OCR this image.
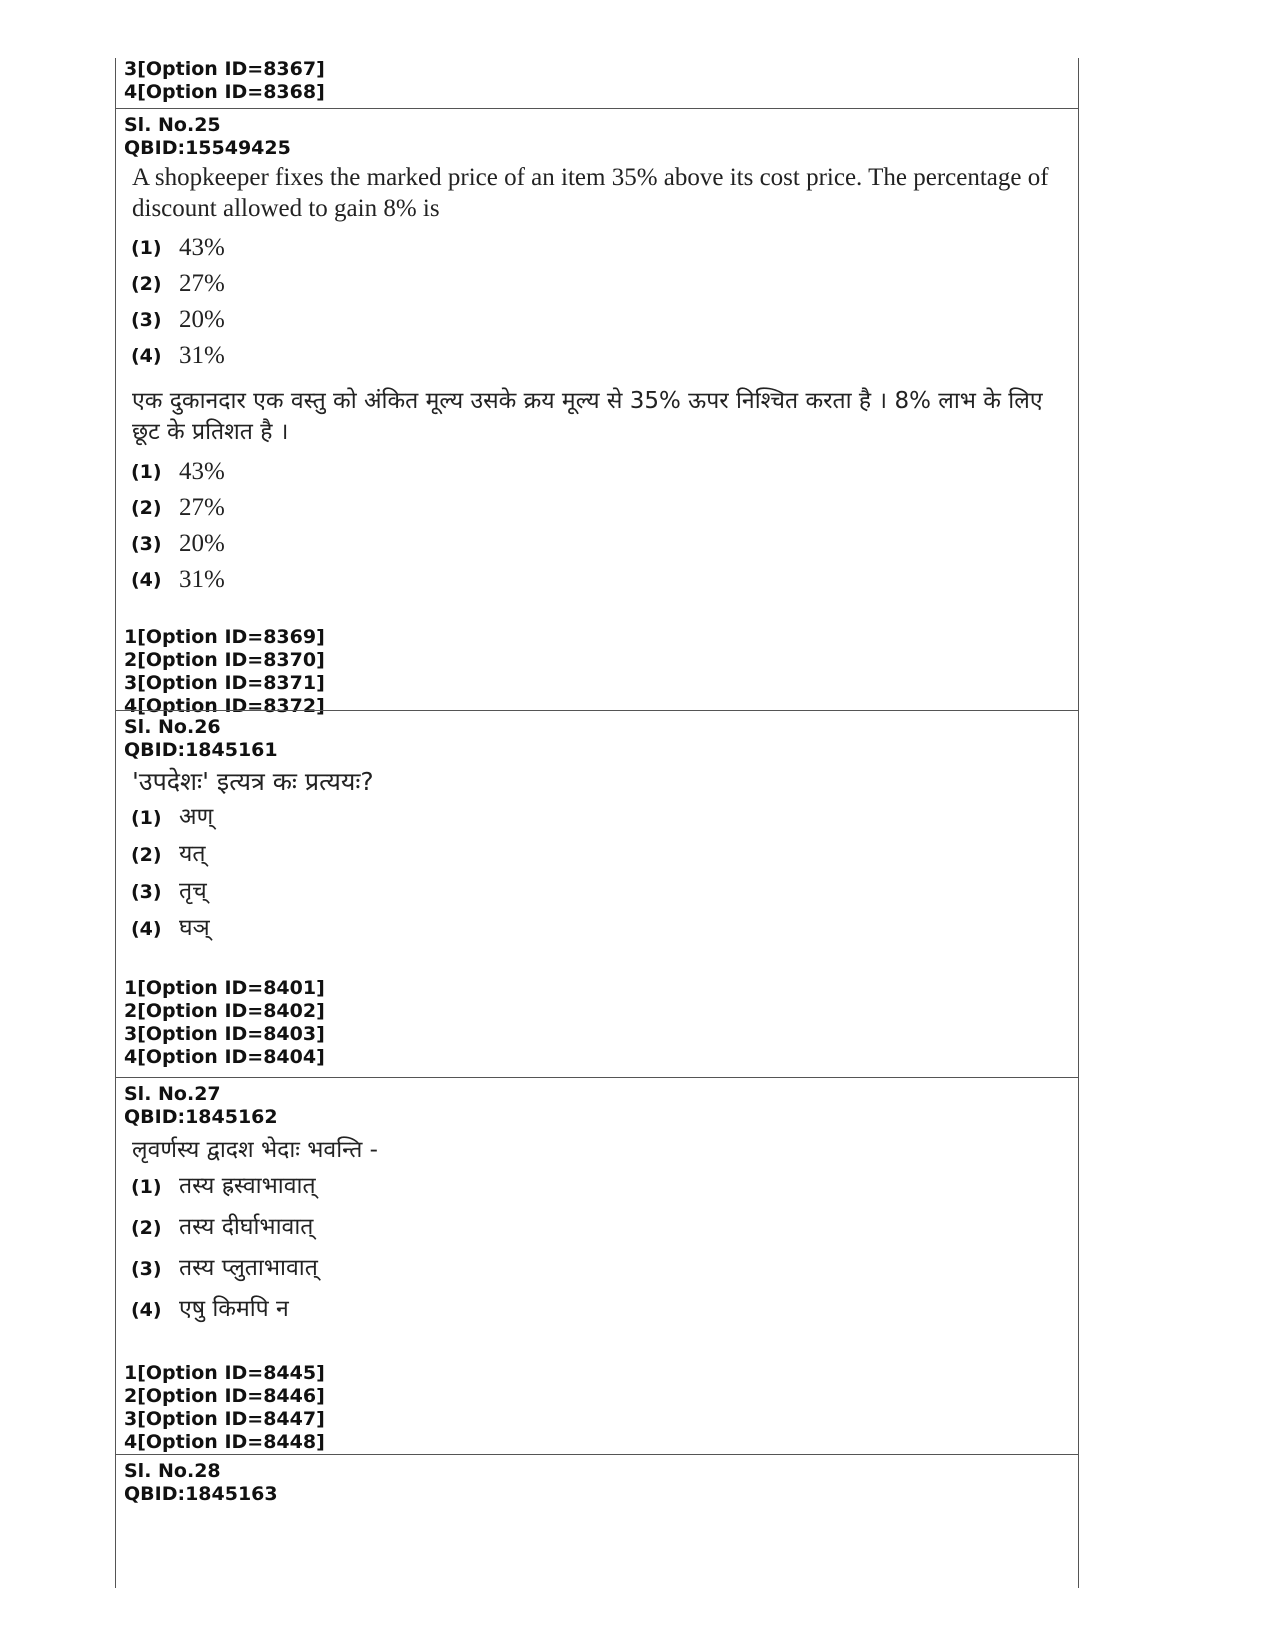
3[Option ID=8367]
4[Option ID=8368]
Sl. No.25
QBID:15549425
A shopkeeper fixes the marked price of an item 35% above its cost price. The percentage of discount allowed to gain 8% is
(1) 43%
(2) 27%
(3) 20%
(4) 31%
एक दुकानदार एक वस्तु को अंकित मूल्य उसके क्रय मूल्य से 35% ऊपर निश्चित करता है । 8% लाभ के लिए छूट के प्रतिशत है ।
(1) 43%
(2) 27%
(3) 20%
(4) 31%
1[Option ID=8369]
2[Option ID=8370]
3[Option ID=8371]
4[Option ID=8372]
Sl. No.26
QBID:1845161
'उपदेशः' इत्यत्र कः प्रत्ययः?
(1) अण्
(2) यत्
(3) तृच्
(4) घञ्
1[Option ID=8401]
2[Option ID=8402]
3[Option ID=8403]
4[Option ID=8404]
Sl. No.27
QBID:1845162
लृवर्णस्य द्वादश भेदाः भवन्ति -
(1) तस्य ह्रस्वाभावात्
(2) तस्य दीर्घाभावात्
(3) तस्य प्लुताभावात्
(4) एषु किमपि न
1[Option ID=8445]
2[Option ID=8446]
3[Option ID=8447]
4[Option ID=8448]
Sl. No.28
QBID:1845163
